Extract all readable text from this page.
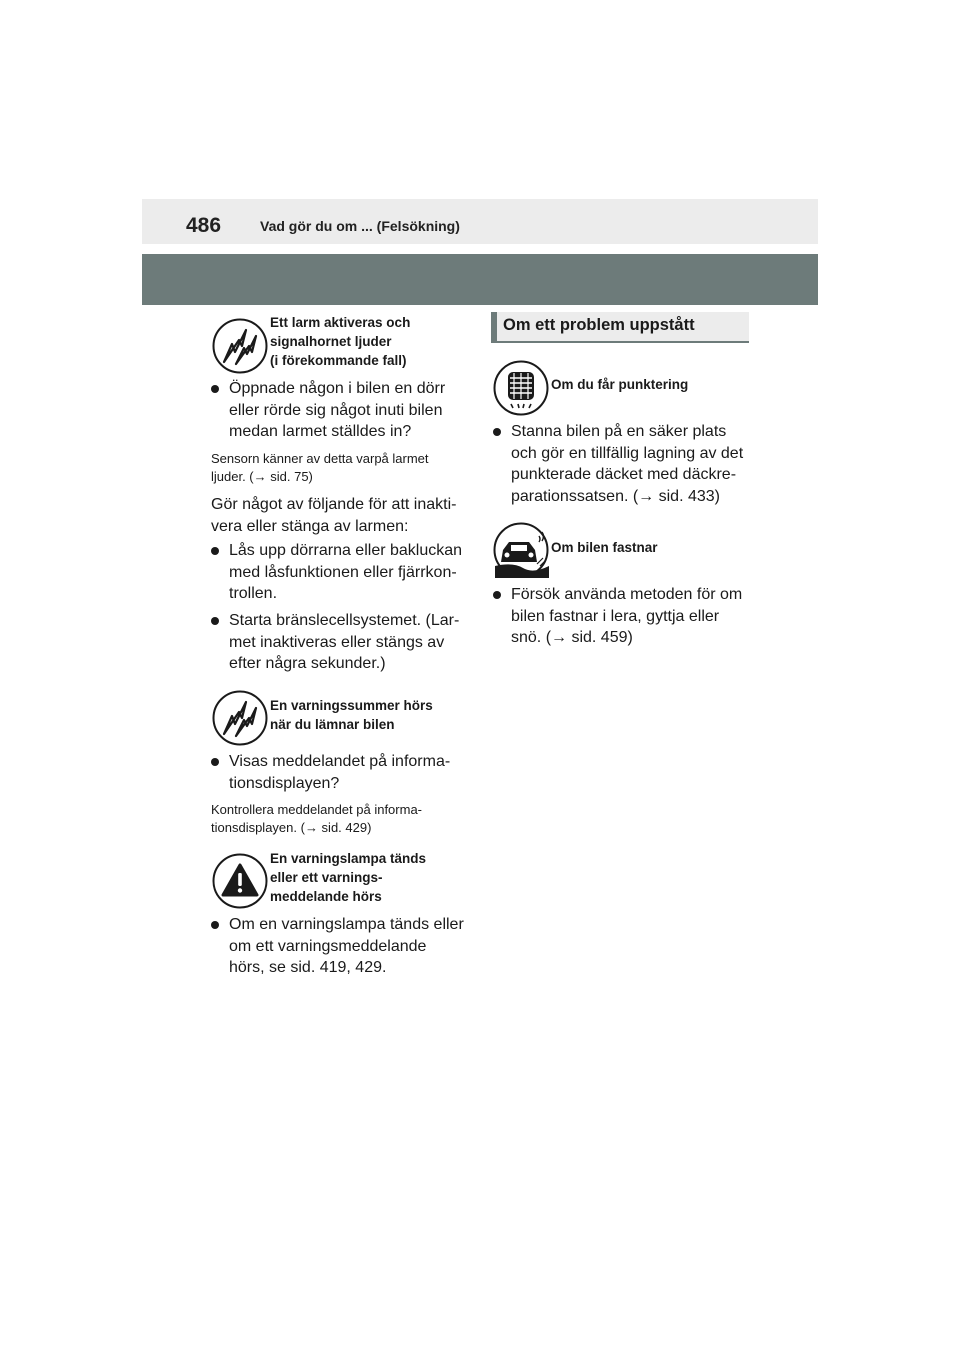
486	Vad gör du om ... (Felsökning)
Ett larm aktiveras och
signalhornet ljuder
(i förekommande fall)
Öppnade någon i bilen en dörr
eller rörde sig något inuti bilen
medan larmet ställdes in?
Sensorn känner av detta varpå larmet
ljuder. (→ sid. 75)
Gör något av följande för att inakti-
vera eller stänga av larmen:
Lås upp dörrarna eller bakluckan
med låsfunktionen eller fjärrkon-
trollen.
Starta bränslecellsystemet. (Lar-
met inaktiveras eller stängs av
efter några sekunder.)
En varningssummer hörs
när du lämnar bilen
Visas meddelandet på informa-
tionsdisplayen?
Kontrollera meddelandet på informa-
tionsdisplayen. (→ sid. 429)
En varningslampa tänds
eller ett varnings-
meddelande hörs
Om en varningslampa tänds eller
om ett varningsmeddelande
hörs, se sid. 419, 429.
Om ett problem uppstått
Om du får punktering
Stanna bilen på en säker plats
och gör en tillfällig lagning av det
punkterade däcket med däckre-
parationssatsen. (→ sid. 433)
Om bilen fastnar
Försök använda metoden för om
bilen fastnar i lera, gyttja eller
snö. (→ sid. 459)
